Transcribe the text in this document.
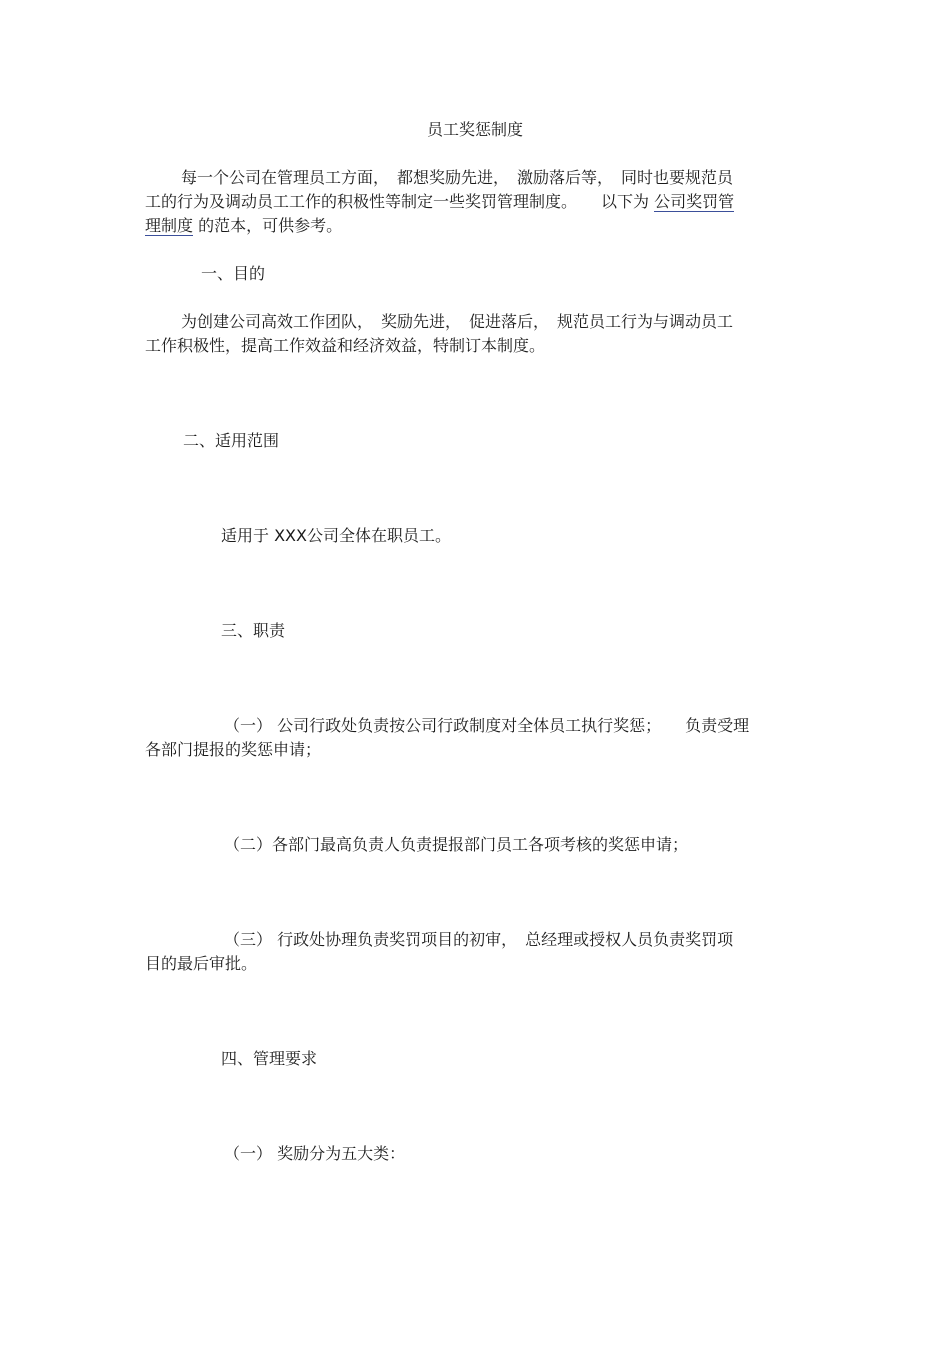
员工奖惩制度
每一个公司在管理员工方面，　都想奖励先进，　激励落后等，　同时也要规范员
工的行为及调动员工工作的积极性等制定一些奖罚管理制度。　　以下为 公司奖罚管
理制度 的范本，可供参考。
一、目的
为创建公司高效工作团队，　奖励先进，　促进落后，　规范员工行为与调动员工
工作积极性，提高工作效益和经济效益，特制订本制度。
二、适用范围
适用于 XXX公司全体在职员工。
三、职责
（一） 公司行政处负责按公司行政制度对全体员工执行奖惩；　　负责受理
各部门提报的奖惩申请；
（二）各部门最高负责人负责提报部门员工各项考核的奖惩申请；
（三） 行政处协理负责奖罚项目的初审，　总经理或授权人员负责奖罚项
目的最后审批。
四、管理要求
（一） 奖励分为五大类：
